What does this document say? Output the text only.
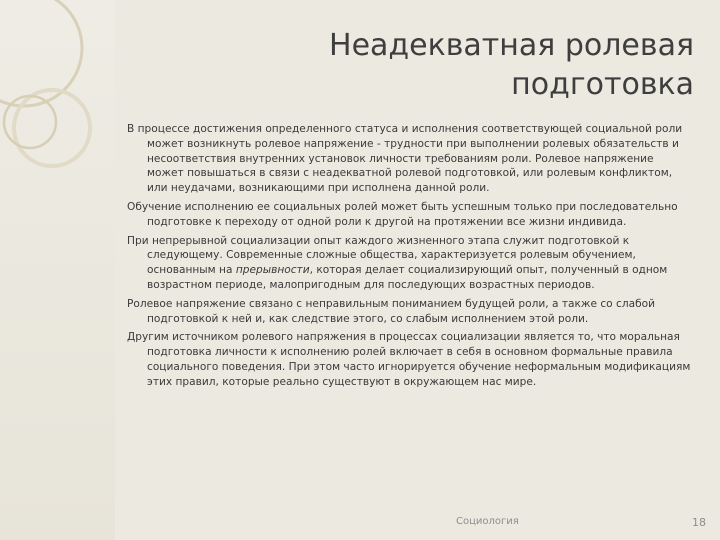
Неадекватная ролевая
подготовка

В процессе достижения определенного статуса и исполнения соответствующей социальной роли может возникнуть ролевое напряжение - трудности при выполнении ролевых обязательств и несоответствия внутренних установок личности требованиям роли. Ролевое напряжение может повышаться в связи с неадекватной ролевой подготовкой, или ролевым конфликтом, или неудачами, возникающими при исполнена данной роли.

Обучение исполнению ее социальных ролей может быть успешным только при последовательно подготовке к переходу от одной роли к другой на протяжении все жизни индивида.

При непрерывной социализации опыт каждого жизненного этапа служит подготовкой к следующему. Современные сложные общества, характеризуется ролевым обучением, основанным на прерывности, которая делает социализирующий опыт, полученный в одном возрастном периоде, малопригодным для последующих возрастных периодов.

Ролевое напряжение связано с неправильным пониманием будущей роли, а также со слабой подготовкой к ней и, как следствие этого, со слабым исполнением этой роли.

Другим источником ролевого напряжения в процессах социализации является то, что моральная подготовка личности к исполнению ролей включает в себя в основном формальные правила социального поведения. При этом часто игнорируется обучение неформальным модификациям этих правил, которые реально существуют в окружающем нас мире.

Социология	18
